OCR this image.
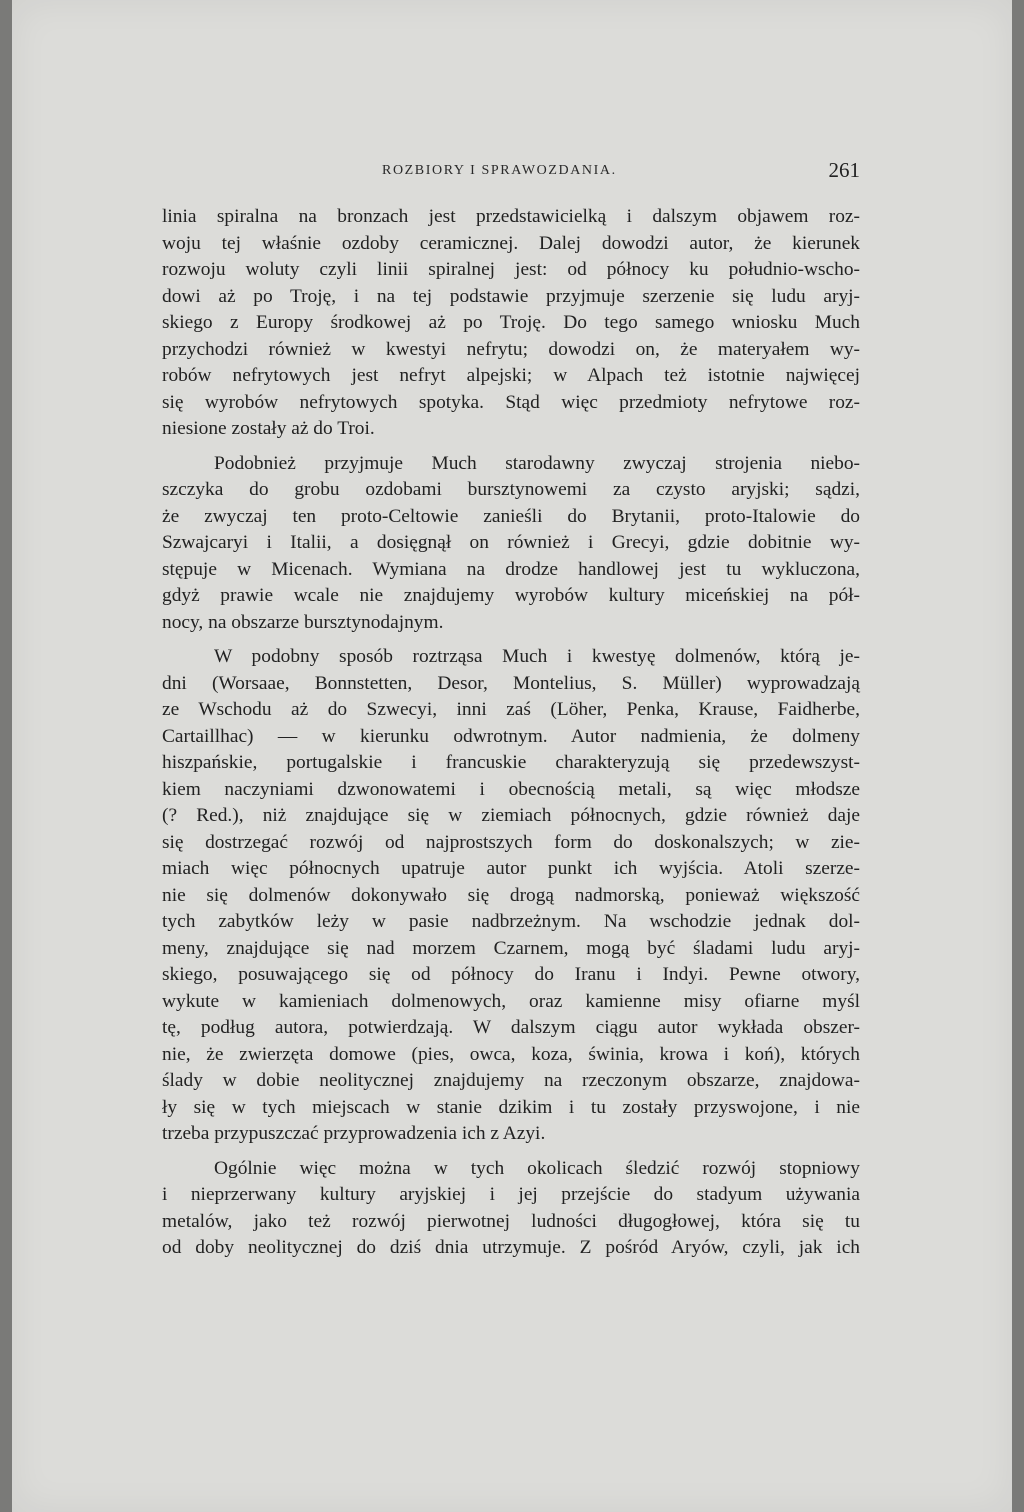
ROZBIORY I SPRAWOZDANIA.	261
linia spiralna na bronzach jest przedstawicielką i dalszym objawem roz-
woju tej właśnie ozdoby ceramicznej. Dalej dowodzi autor, że kierunek
rozwoju woluty czyli linii spiralnej jest: od północy ku południo-wscho-
dowi aż po Troję, i na tej podstawie przyjmuje szerzenie się ludu aryj-
skiego z Europy środkowej aż po Troję. Do tego samego wniosku Much
przychodzi również w kwestyi nefrytu; dowodzi on, że materyałem wy-
robów nefrytowych jest nefryt alpejski; w Alpach też istotnie najwięcej
się wyrobów nefrytowych spotyka. Stąd więc przedmioty nefrytowe roz-
niesione zostały aż do Troi.
Podobnież przyjmuje Much starodawny zwyczaj strojenia niebo-
szczyka do grobu ozdobami bursztynowemi za czysto aryjski; sądzi,
że zwyczaj ten proto-Celtowie zanieśli do Brytanii, proto-Italowie do
Szwajcaryi i Italii, a dosięgnął on również i Grecyi, gdzie dobitnie wy-
stępuje w Micenach. Wymiana na drodze handlowej jest tu wykluczona,
gdyż prawie wcale nie znajdujemy wyrobów kultury miceńskiej na pół-
nocy, na obszarze bursztynodajnym.
W podobny sposób roztrząsa Much i kwestyę dolmenów, którą je-
dni (Worsaae, Bonnstetten, Desor, Montelius, S. Müller) wyprowadzają
ze Wschodu aż do Szwecyi, inni zaś (Löher, Penka, Krause, Faidherbe,
Cartaillhac) — w kierunku odwrotnym. Autor nadmienia, że dolmeny
hiszpańskie, portugalskie i francuskie charakteryzują się przedewszyst-
kiem naczyniami dzwonowatemi i obecnością metali, są więc młodsze
(? Red.), niż znajdujące się w ziemiach północnych, gdzie również daje
się dostrzegać rozwój od najprostszych form do doskonalszych; w zie-
miach więc północnych upatruje autor punkt ich wyjścia. Atoli szerze-
nie się dolmenów dokonywało się drogą nadmorską, ponieważ większość
tych zabytków leży w pasie nadbrzeżnym. Na wschodzie jednak dol-
meny, znajdujące się nad morzem Czarnem, mogą być śladami ludu aryj-
skiego, posuwającego się od północy do Iranu i Indyi. Pewne otwory,
wykute w kamieniach dolmenowych, oraz kamienne misy ofiarne myśl
tę, podług autora, potwierdzają. W dalszym ciągu autor wykłada obszer-
nie, że zwierzęta domowe (pies, owca, koza, świnia, krowa i koń), których
ślady w dobie neolitycznej znajdujemy na rzeczonym obszarze, znajdowa-
ły się w tych miejscach w stanie dzikim i tu zostały przyswojone, i nie
trzeba przypuszczać przyprowadzenia ich z Azyi.
Ogólnie więc można w tych okolicach śledzić rozwój stopniowy
i nieprzerwany kultury aryjskiej i jej przejście do stadyum używania
metalów, jako też rozwój pierwotnej ludności długogłowej, która się tu
od doby neolitycznej do dziś dnia utrzymuje. Z pośród Aryów, czyli, jak ich
